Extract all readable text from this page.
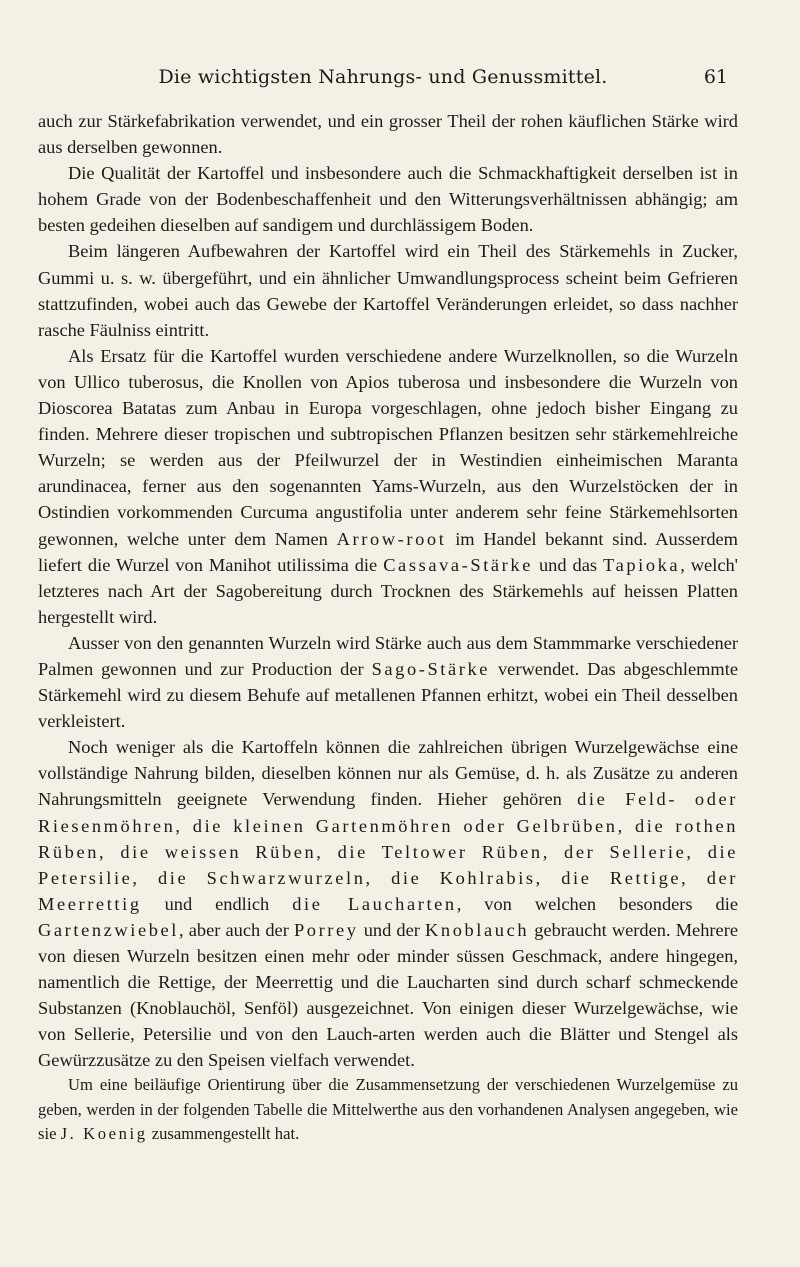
Die wichtigsten Nahrungs- und Genussmittel.	61

auch zur Stärkefabrikation verwendet, und ein grosser Theil der rohen käuflichen Stärke wird aus derselben gewonnen.

Die Qualität der Kartoffel und insbesondere auch die Schmackhaftigkeit derselben ist in hohem Grade von der Bodenbeschaffenheit und den Witterungsverhältnissen abhängig; am besten gedeihen dieselben auf sandigem und durchlässigem Boden.

Beim längeren Aufbewahren der Kartoffel wird ein Theil des Stärkemehls in Zucker, Gummi u. s. w. übergeführt, und ein ähnlicher Umwandlungsprocess scheint beim Gefrieren stattzufinden, wobei auch das Gewebe der Kartoffel Veränderungen erleidet, so dass nachher rasche Fäulniss eintritt.

Als Ersatz für die Kartoffel wurden verschiedene andere Wurzelknollen, so die Wurzeln von Ullico tuberosus, die Knollen von Apios tuberosa und insbesondere die Wurzeln von Dioscorea Batatas zum Anbau in Europa vorgeschlagen, ohne jedoch bisher Eingang zu finden. Mehrere dieser tropischen und subtropischen Pflanzen besitzen sehr stärkemehlreiche Wurzeln; se werden aus der Pfeilwurzel der in Westindien einheimischen Maranta arundinacea, ferner aus den sogenannten Yams-Wurzeln, aus den Wurzelstöcken der in Ostindien vorkommenden Curcuma angustifolia unter anderem sehr feine Stärkemehlsorten gewonnen, welche unter dem Namen Arrow-root im Handel bekannt sind. Ausserdem liefert die Wurzel von Manihot utilissima die Cassava-Stärke und das Tapioka, welch' letzteres nach Art der Sagobereitung durch Trocknen des Stärkemehls auf heissen Platten hergestellt wird.

Ausser von den genannten Wurzeln wird Stärke auch aus dem Stammmarke verschiedener Palmen gewonnen und zur Production der Sago-Stärke verwendet. Das abgeschlemmte Stärkemehl wird zu diesem Behufe auf metallenen Pfannen erhitzt, wobei ein Theil desselben verkleistert.

Noch weniger als die Kartoffeln können die zahlreichen übrigen Wurzelgewächse eine vollständige Nahrung bilden, dieselben können nur als Gemüse, d. h. als Zusätze zu anderen Nahrungsmitteln geeignete Verwendung finden. Hieher gehören die Feld- oder Riesenmöhren, die kleinen Gartenmöhren oder Gelbrüben, die rothen Rüben, die weissen Rüben, die Teltower Rüben, der Sellerie, die Petersilie, die Schwarzwurzeln, die Kohlrabis, die Rettige, der Meerrettig und endlich die Laucharten, von welchen besonders die Gartenzwiebel, aber auch der Porrey und der Knoblauch gebraucht werden. Mehrere von diesen Wurzeln besitzen einen mehr oder minder süssen Geschmack, andere hingegen, namentlich die Rettige, der Meerrettig und die Laucharten sind durch scharf schmeckende Substanzen (Knoblauchöl, Senföl) ausgezeichnet. Von einigen dieser Wurzelgewächse, wie von Sellerie, Petersilie und von den Lauch-arten werden auch die Blätter und Stengel als Gewürzzusätze zu den Speisen vielfach verwendet.

Um eine beiläufige Orientirung über die Zusammensetzung der verschiedenen Wurzelgemüse zu geben, werden in der folgenden Tabelle die Mittelwerthe aus den vorhandenen Analysen angegeben, wie sie J. Koenig zusammengestellt hat.
